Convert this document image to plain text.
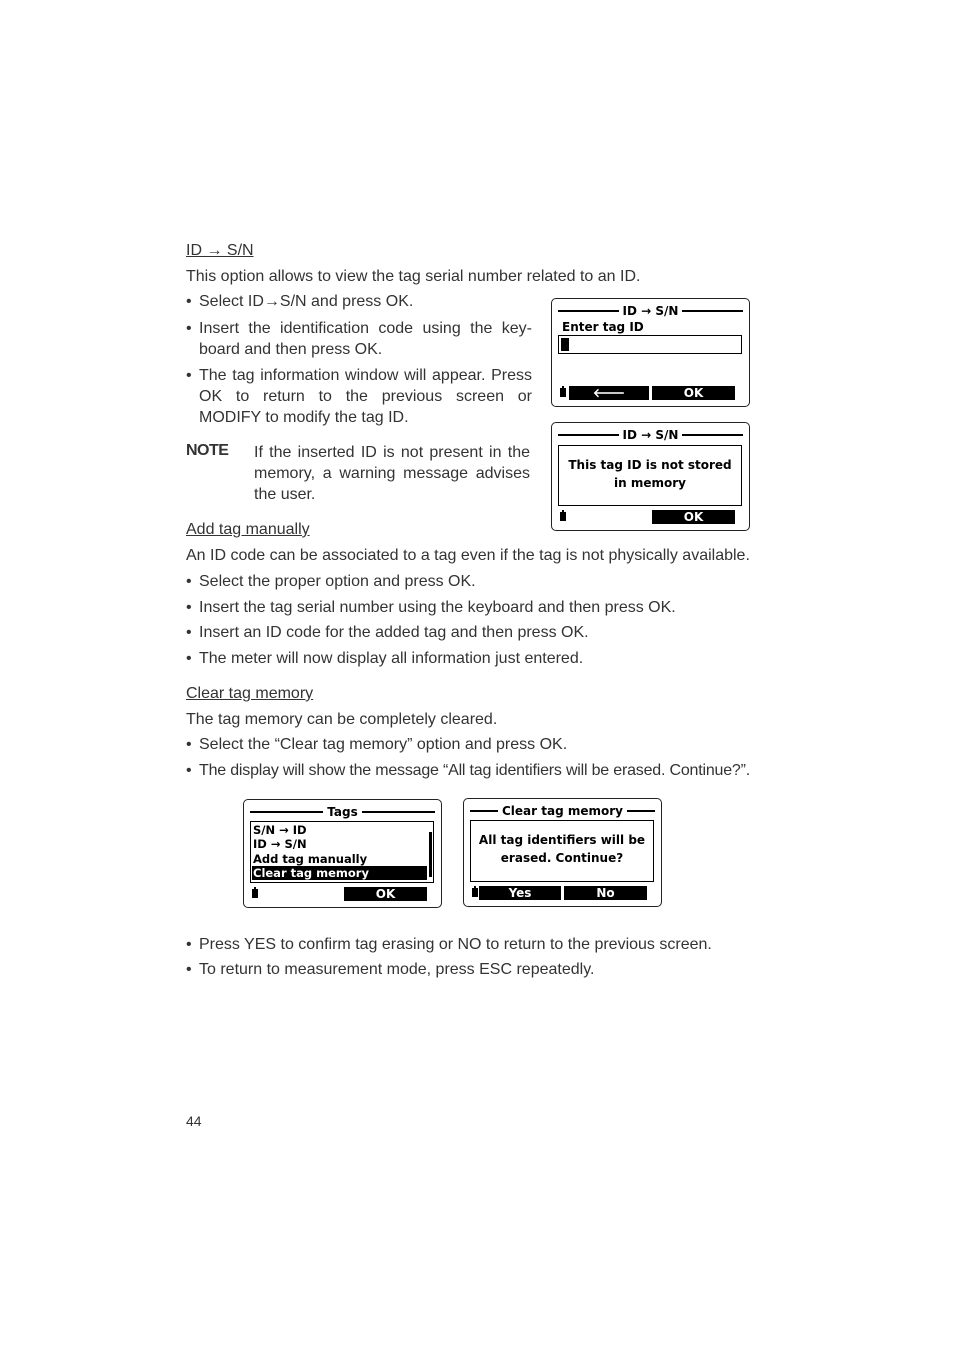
ID → S/N

This option allows to view the tag serial number related to an ID.

• Select ID→S/N and press OK.
• Insert the identification code using the key-board and then press OK.
• The tag information window will appear. Press OK to return to the previous screen or MODIFY to modify the tag ID.
NOTE If the inserted ID is not present in the memory, a warning message advises the user.

ID → S/N
Enter tag ID
🡐	OK
ID → S/N
This tag ID is not stored
in memory
OK

Add tag manually

An ID code can be associated to a tag even if the tag is not physically available.

• Select the proper option and press OK.
• Insert the tag serial number using the keyboard and then press OK.
• Insert an ID code for the added tag and then press OK.
• The meter will now display all information just entered.

Clear tag memory

The tag memory can be completely cleared.

• Select the “Clear tag memory” option and press OK.
• The display will show the message “All tag identifiers will be erased. Continue?”.
Tags
S/N → ID
ID → S/N
Add tag manually
Clear tag memory
OK
Clear tag memory
All tag identifiers will be
erased. Continue?
Yes	No
• Press YES to confirm tag erasing or NO to return to the previous screen.
• To return to measurement mode, press ESC repeatedly.
44
